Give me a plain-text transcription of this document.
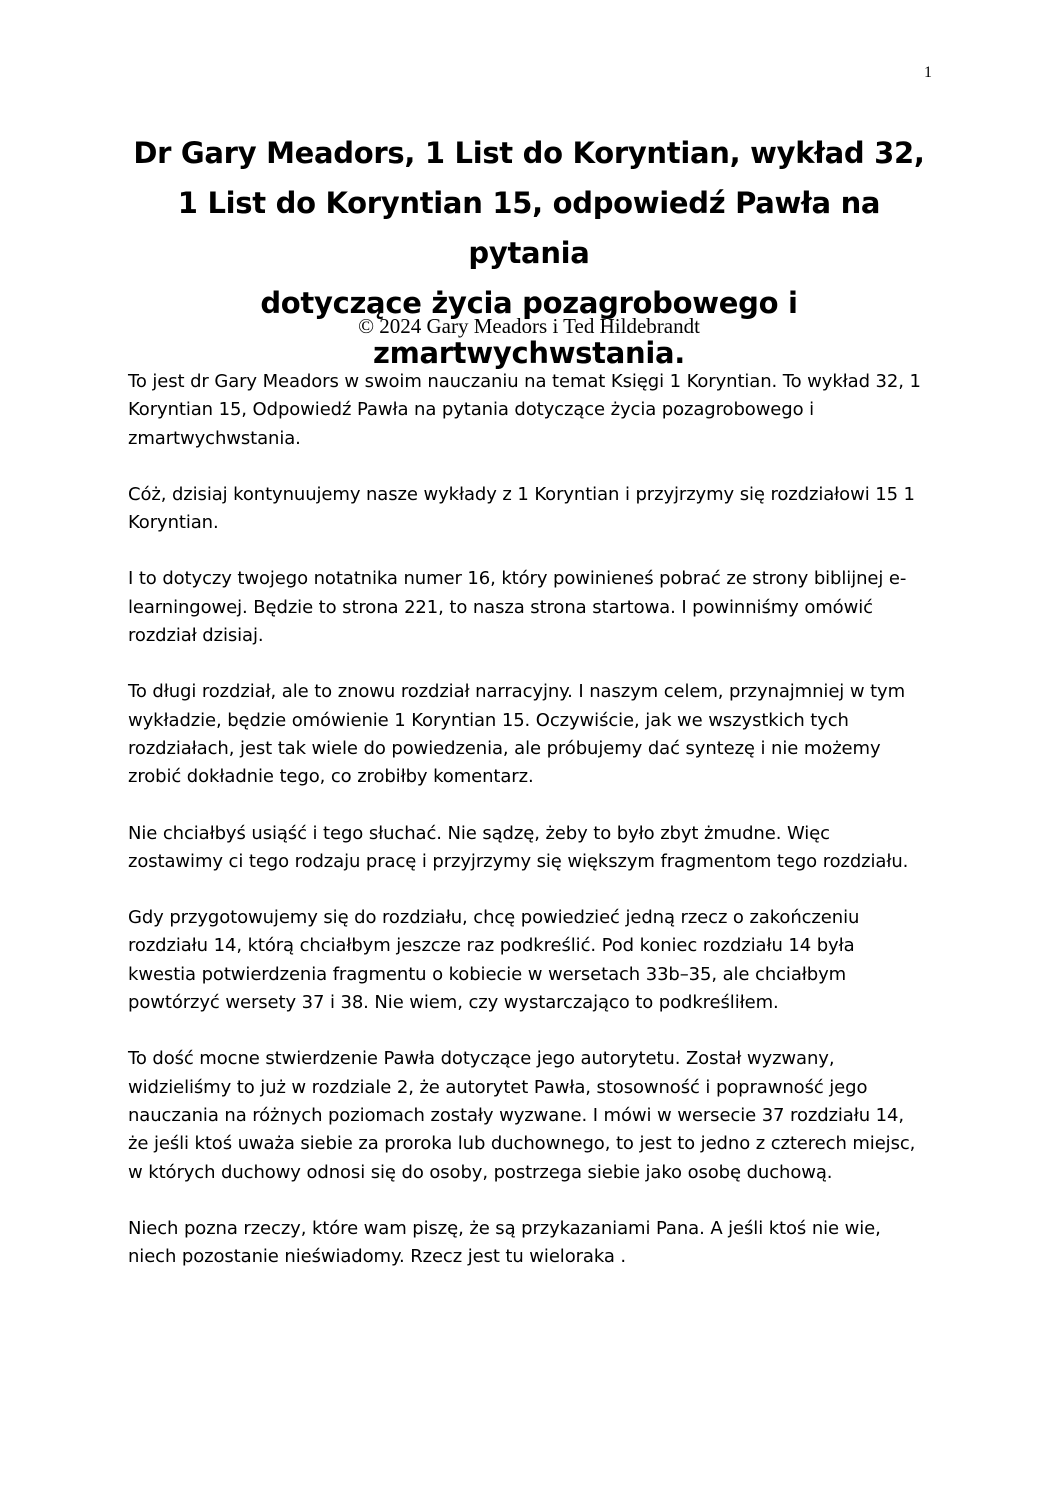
1
Dr Gary Meadors, 1 List do Koryntian, wykład 32,
1 List do Koryntian 15, odpowiedź Pawła na pytania
dotyczące życia pozagrobowego i
zmartwychwstania.
© 2024 Gary Meadors i Ted Hildebrandt

To jest dr Gary Meadors w swoim nauczaniu na temat Księgi 1 Koryntian. To wykład 32, 1 Koryntian 15, Odpowiedź Pawła na pytania dotyczące życia pozagrobowego i zmartwychwstania.

Cóż, dzisiaj kontynuujemy nasze wykłady z 1 Koryntian i przyjrzymy się rozdziałowi 15 1 Koryntian.

I to dotyczy twojego notatnika numer 16, który powinieneś pobrać ze strony biblijnej e-learningowej. Będzie to strona 221, to nasza strona startowa. I powinniśmy omówić rozdział dzisiaj.

To długi rozdział, ale to znowu rozdział narracyjny. I naszym celem, przynajmniej w tym wykładzie, będzie omówienie 1 Koryntian 15. Oczywiście, jak we wszystkich tych rozdziałach, jest tak wiele do powiedzenia, ale próbujemy dać syntezę i nie możemy zrobić dokładnie tego, co zrobiłby komentarz.

Nie chciałbyś usiąść i tego słuchać. Nie sądzę, żeby to było zbyt żmudne. Więc zostawimy ci tego rodzaju pracę i przyjrzymy się większym fragmentom tego rozdziału.

Gdy przygotowujemy się do rozdziału, chcę powiedzieć jedną rzecz o zakończeniu rozdziału 14, którą chciałbym jeszcze raz podkreślić. Pod koniec rozdziału 14 była kwestia potwierdzenia fragmentu o kobiecie w wersetach 33b–35, ale chciałbym powtórzyć wersety 37 i 38. Nie wiem, czy wystarczająco to podkreśliłem.

To dość mocne stwierdzenie Pawła dotyczące jego autorytetu. Został wyzwany, widzieliśmy to już w rozdziale 2, że autorytet Pawła, stosowność i poprawność jego nauczania na różnych poziomach zostały wyzwane. I mówi w wersecie 37 rozdziału 14, że jeśli ktoś uważa siebie za proroka lub duchownego, to jest to jedno z czterech miejsc, w których duchowy odnosi się do osoby, postrzega siebie jako osobę duchową.

Niech pozna rzeczy, które wam piszę, że są przykazaniami Pana. A jeśli ktoś nie wie, niech pozostanie nieświadomy. Rzecz jest tu wieloraka .
